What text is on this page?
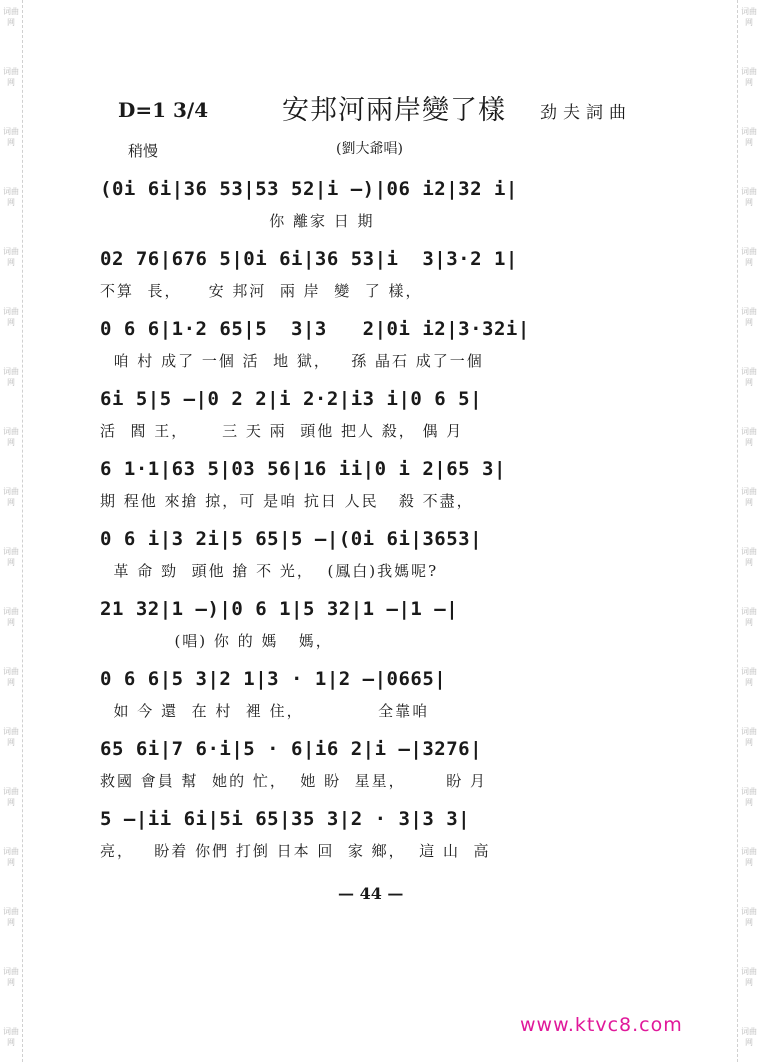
词曲网
词曲网
词曲网
词曲网
词曲网
词曲网
词曲网
词曲网
词曲网
词曲网
词曲网
词曲网
词曲网
词曲网
词曲网
词曲网
词曲网
词曲网
词曲网
词曲网
词曲网
词曲网
词曲网
词曲网
词曲网
词曲网
词曲网
词曲网
词曲网
词曲网
词曲网
词曲网
词曲网
词曲网
词曲网
词曲网
D=1 3/4	安邦河兩岸變了樣 劲夫詞曲
稍慢	(劉大爺唱)
(0i 6i|36 53|53 52|i —)|06 i2|32 i|
你 離家 日 期
02 76|676 5|0i 6i|36 53|i  3|3·2 1|
不算  長，    安 邦河  兩 岸  變  了 樣，
0 6 6|1·2 65|5  3|3   2|0i i2|3·32i|
咱 村 成了 一個 活  地 獄，   孫 晶石 成了一個
6i 5|5 —|0 2 2|i 2·2|i3 i|0 6 5|
活  閻 王，     三 天 兩  頭他 把人 殺， 偶 月
6 1·1|63 5|03 56|16 ii|0 i 2|65 3|
期 程他 來搶 掠，可 是咱 抗日 人民   殺 不盡，
0 6 i|3 2i|5 65|5 —|(0i 6i|3653|
革 命 勁  頭他 搶 不 光，  (鳳白)我媽呢?
21 32|1 —)|0 6 1|5 32|1 —|1 —|
(唱) 你 的 媽   媽，
0 6 6|5 3|2 1|3 · 1|2 —|0665|
如 今 還  在 村  裡 住，           全靠咱
65 6i|7 6·i|5 · 6|i6 2|i —|3276|
救國 會員 幫  她的 忙，  她 盼  星星，      盼 月
5 —|ii 6i|5i 65|35 3|2 · 3|3 3|
亮，   盼着 你們 打倒 日本 回  家 鄉，  這 山  高
— 44 —
www.ktvc8.com
